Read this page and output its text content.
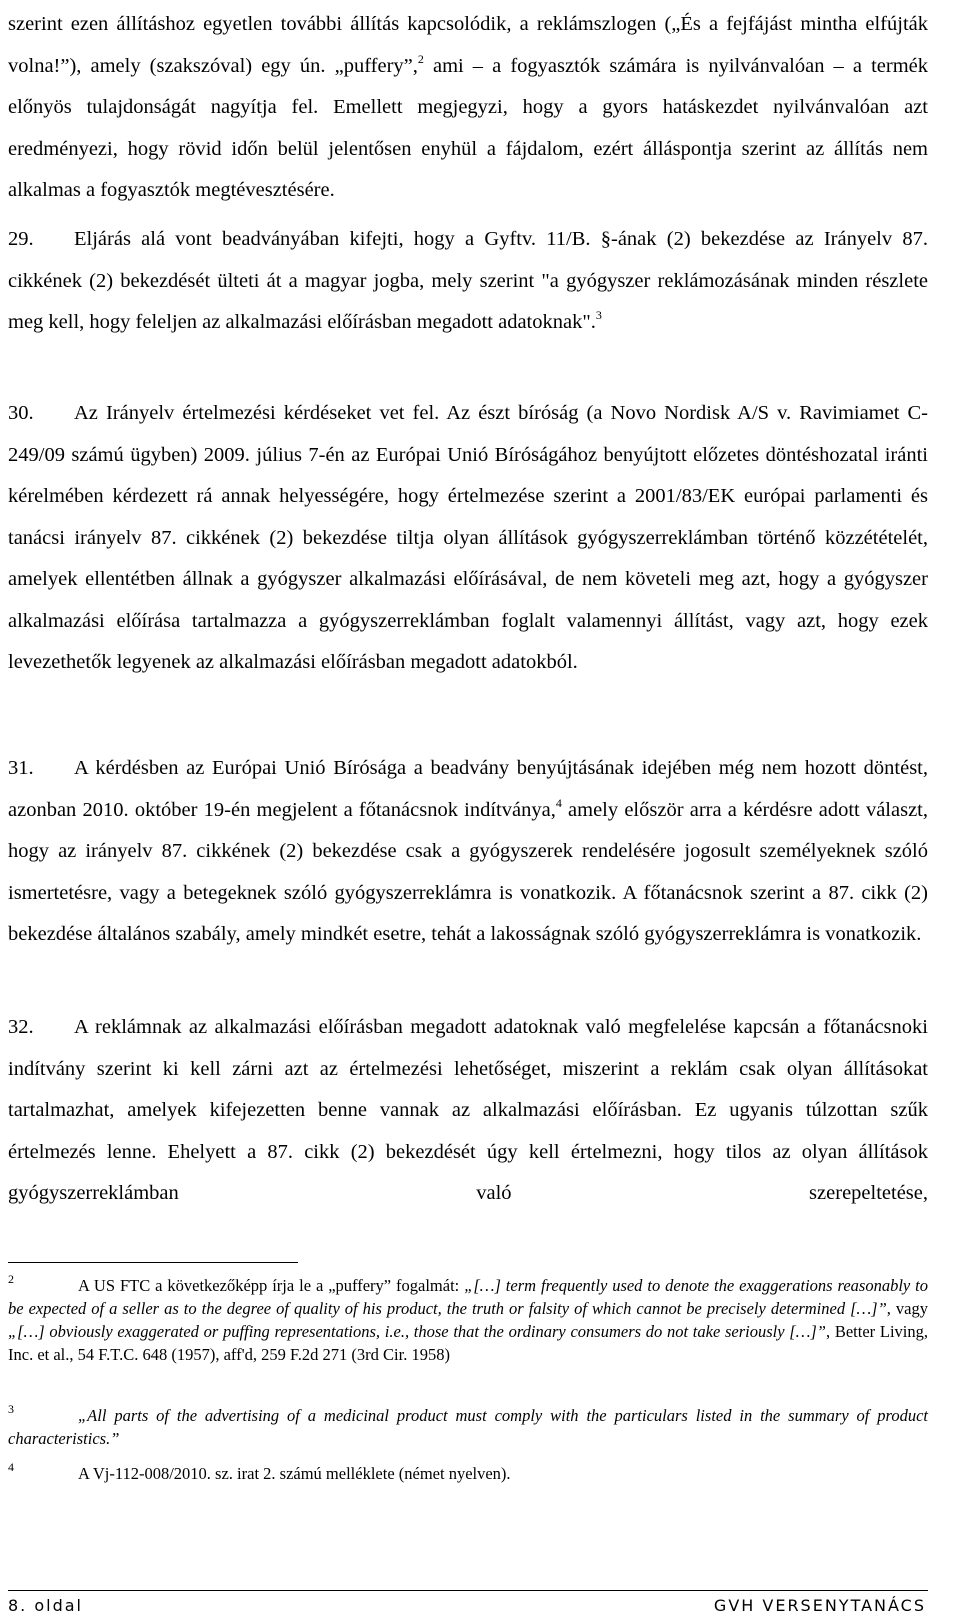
szerint ezen állításhoz egyetlen további állítás kapcsolódik, a reklámszlogen („És a fejfájást mintha elfújták volna!”), amely (szakszóval) egy ún. „puffery”,$^2$ ami – a fogyasztók számára is nyilvánvalóan – a termék előnyös tulajdonságát nagyítja fel. Emellett megjegyzi, hogy a gyors hatáskezdet nyilvánvalóan azt eredményezi, hogy rövid időn belül jelentősen enyhül a fájdalom, ezért álláspontja szerint az állítás nem alkalmas a fogyasztók megtévesztésére.

29. Eljárás alá vont beadványában kifejti, hogy a Gyftv. 11/B. §-ának (2) bekezdése az Irányelv 87. cikkének (2) bekezdését ülteti át a magyar jogba, mely szerint "a gyógyszer reklámozásának minden részlete meg kell, hogy feleljen az alkalmazási előírásban megadott adatoknak".$^3$

30. Az Irányelv értelmezési kérdéseket vet fel. Az észt bíróság (a Novo Nordisk A/S v. Ravimiamet C-249/09 számú ügyben) 2009. július 7-én az Európai Unió Bíróságához benyújtott előzetes döntéshozatal iránti kérelmében kérdezett rá annak helyességére, hogy értelmezése szerint a 2001/83/EK európai parlamenti és tanácsi irányelv 87. cikkének (2) bekezdése tiltja olyan állítások gyógyszerreklámban történő közzétételét, amelyek ellentétben állnak a gyógyszer alkalmazási előírásával, de nem követeli meg azt, hogy a gyógyszer alkalmazási előírása tartalmazza a gyógyszerreklámban foglalt valamennyi állítást, vagy azt, hogy ezek levezethetők legyenek az alkalmazási előírásban megadott adatokból.

31. A kérdésben az Európai Unió Bírósága a beadvány benyújtásának idejében még nem hozott döntést, azonban 2010. október 19-én megjelent a főtanácsnok indítványa,$^4$ amely először arra a kérdésre adott választ, hogy az irányelv 87. cikkének (2) bekezdése csak a gyógyszerek rendelésére jogosult személyeknek szóló ismertetésre, vagy a betegeknek szóló gyógyszerreklámra is vonatkozik. A főtanácsnok szerint a 87. cikk (2) bekezdése általános szabály, amely mindkét esetre, tehát a lakosságnak szóló gyógyszerreklámra is vonatkozik.

32. A reklámnak az alkalmazási előírásban megadott adatoknak való megfelelése kapcsán a főtanácsnoki indítvány szerint ki kell zárni azt az értelmezési lehetőséget, miszerint a reklám csak olyan állításokat tartalmazhat, amelyek kifejezetten benne vannak az alkalmazási előírásban. Ez ugyanis túlzottan szűk értelmezés lenne. Ehelyett a 87. cikk (2) bekezdését úgy kell értelmezni, hogy tilos az olyan állítások gyógyszerreklámban való szerepeltetése,

2	A US FTC a következőképp írja le a „puffery” fogalmát: „[…] term frequently used to denote the exaggerations reasonably to be expected of a seller as to the degree of quality of his product, the truth or falsity of which cannot be precisely determined […]”, vagy „[…] obviously exaggerated or puffing representations, i.e., those that the ordinary consumers do not take seriously […]”, Better Living, Inc. et al., 54 F.T.C. 648 (1957), aff'd, 259 F.2d 271 (3rd Cir. 1958)

3	„All parts of the advertising of a medicinal product must comply with the particulars listed in the summary of product characteristics.”

4	A Vj-112-008/2010. sz. irat 2. számú melléklete (német nyelven).

8. oldal	GVH VERSENYTANÁCS
